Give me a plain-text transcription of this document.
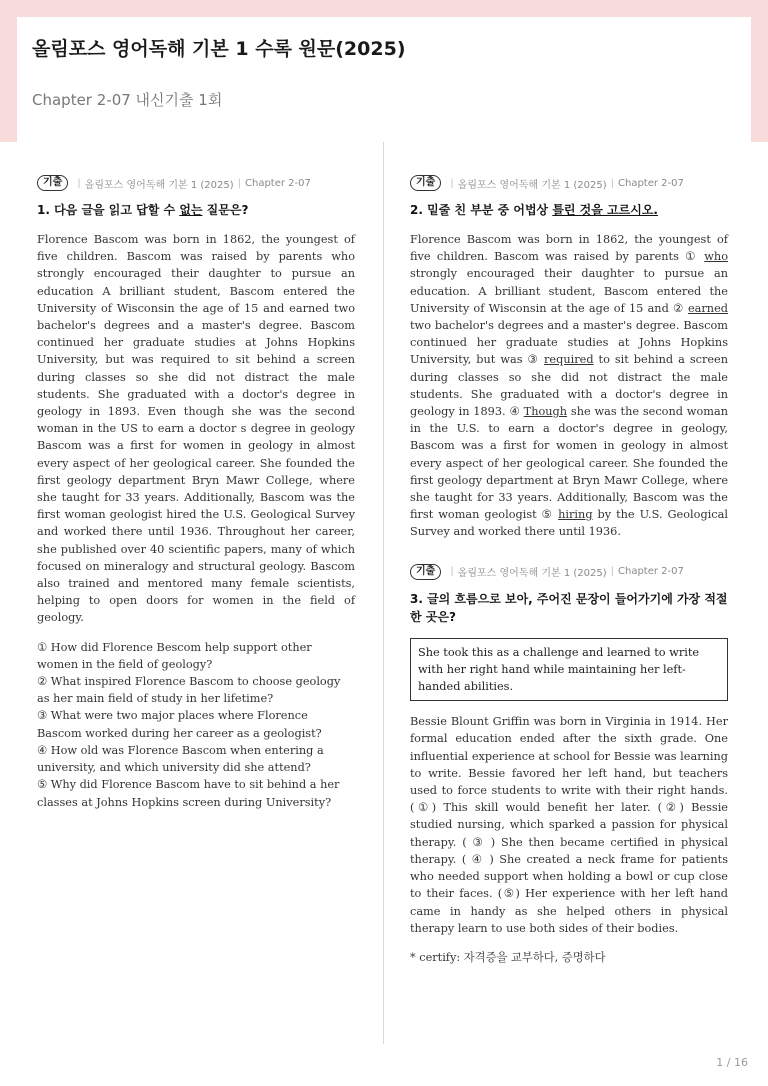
올림포스 영어독해 기본 1 수록 원문(2025)

Chapter 2-07 내신기출 1회

기출	| 올림포스 영어독해 기본 1 (2025) | Chapter 2-07

1. 다음 글을 읽고 답할 수 없는 질문은?

Florence Bascom was born in 1862, the youngest of five children. Bascom was raised by parents who strongly encouraged their daughter to pursue an education A brilliant student, Bascom entered the University of Wisconsin the age of 15 and earned two bachelor's degrees and a master's degree. Bascom continued her graduate studies at Johns Hopkins University, but was required to sit behind a screen during classes so she did not distract the male students. She graduated with a doctor's degree in geology in 1893. Even though she was the second woman in the US to earn a doctor s degree in geology Bascom was a first for women in geology in almost every aspect of her geological career. She founded the first geology department Bryn Mawr College, where she taught for 33 years. Additionally, Bascom was the first woman geologist hired the U.S. Geological Survey and worked there until 1936. Throughout her career, she published over 40 scientific papers, many of which focused on mineralogy and structural geology. Bascom also trained and mentored many female scientists, helping to open doors for women in the field of geology.

① How did Florence Bescom help support other women in the field of geology?
② What inspired Florence Bascom to choose geology as her main field of study in her lifetime?
③ What were two major places where Florence Bascom worked during her career as a geologist?
④ How old was Florence Bascom when entering a university, and which university did she attend?
⑤ Why did Florence Bascom have to sit behind a her classes at Johns Hopkins screen during University?
기출	| 올림포스 영어독해 기본 1 (2025) | Chapter 2-07

2. 밑줄 친 부분 중 어법상 틀린 것을 고르시오.

Florence Bascom was born in 1862, the youngest of five children. Bascom was raised by parents ① who strongly encouraged their daughter to pursue an education. A brilliant student, Bascom entered the University of Wisconsin at the age of 15 and ② earned two bachelor's degrees and a master's degree. Bascom continued her graduate studies at Johns Hopkins University, but was ③ required to sit behind a screen during classes so she did not distract the male students. She graduated with a doctor's degree in geology in 1893. ④ Though she was the second woman in the U.S. to earn a doctor's degree in geology, Bascom was a first for women in geology in almost every aspect of her geological career. She founded the first geology department at Bryn Mawr College, where she taught for 33 years. Additionally, Bascom was the first woman geologist ⑤ hiring by the U.S. Geological Survey and worked there until 1936.

기출	| 올림포스 영어독해 기본 1 (2025) | Chapter 2-07

3. 글의 흐름으로 보아, 주어진 문장이 들어가기에 가장 적절한 곳은?

She took this as a challenge and learned to write with her right hand while maintaining her left-handed abilities.

Bessie Blount Griffin was born in Virginia in 1914. Her formal education ended after the sixth grade. One influential experience at school for Bessie was learning to write. Bessie favored her left hand, but teachers used to force students to write with their right hands. (①) This skill would benefit her later. (②) Bessie studied nursing, which sparked a passion for physical therapy. ( ③ ) She then became certified in physical therapy. ( ④ ) She created a neck frame for patients who needed support when holding a bowl or cup close to their faces. (⑤) Her experience with her left hand came in handy as she helped others in physical therapy learn to use both sides of their bodies.

* certify: 자격증을 교부하다, 증명하다

1 / 16
